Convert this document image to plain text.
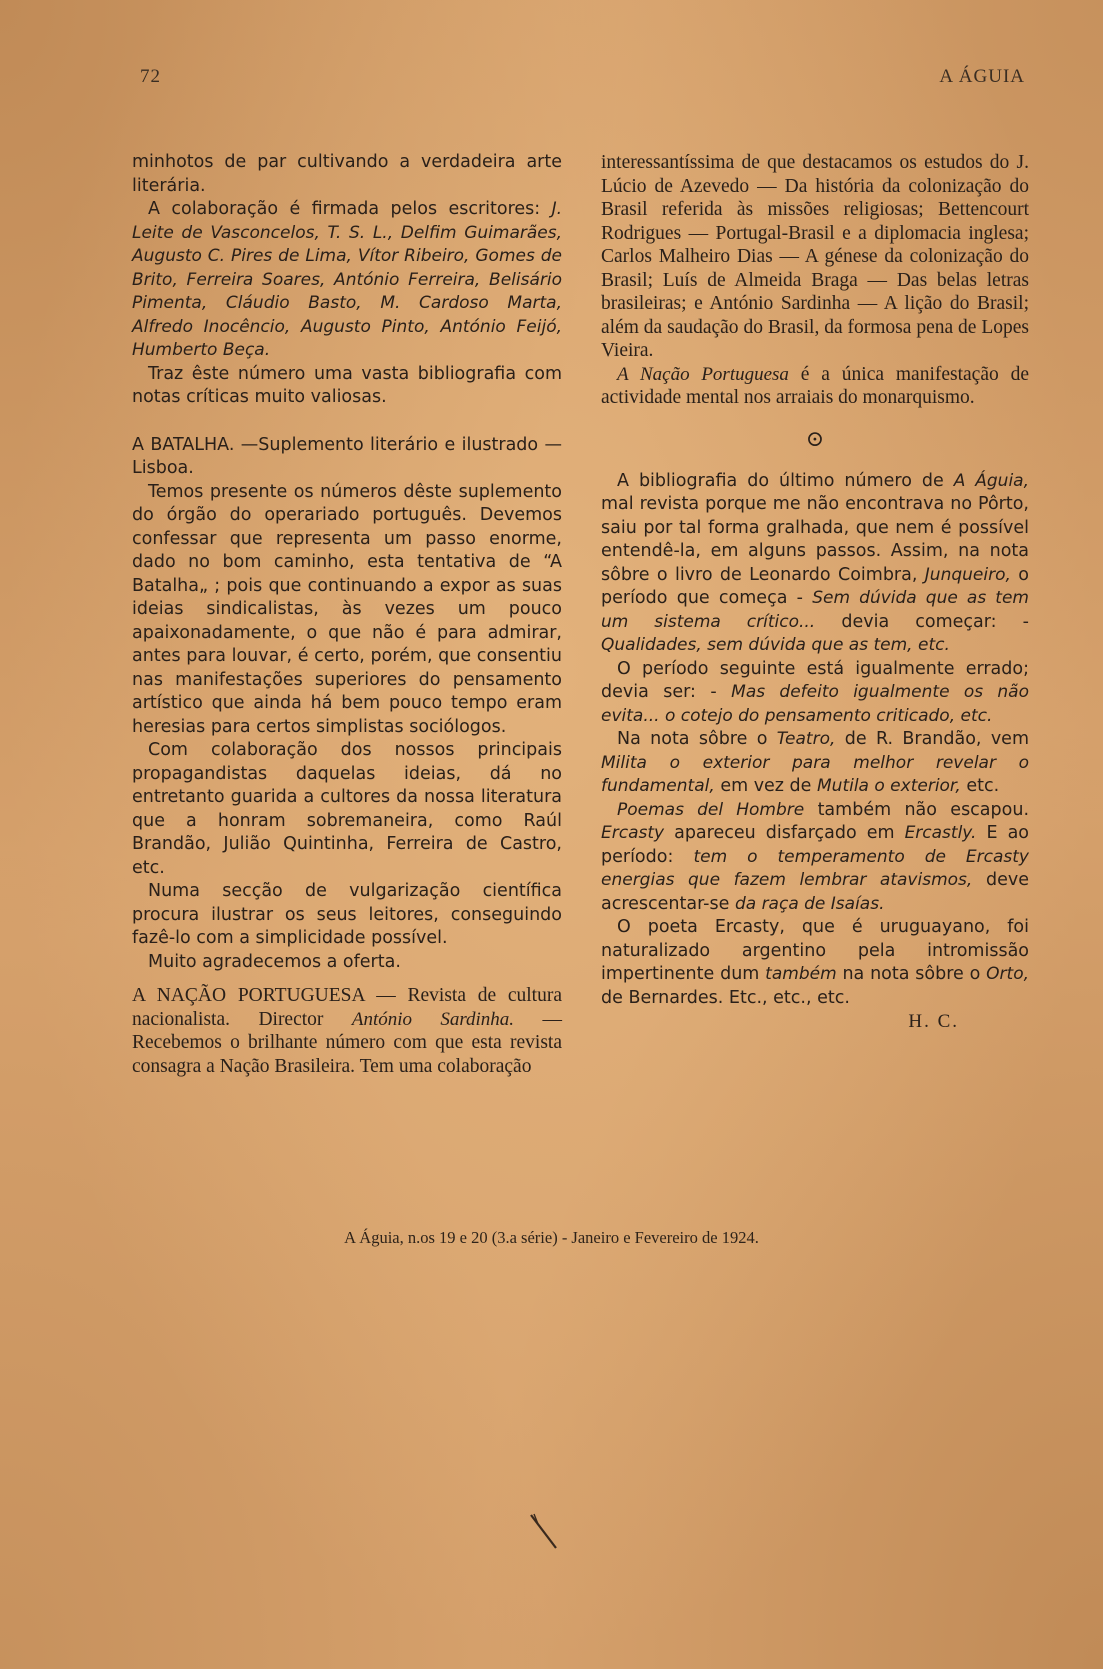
72	A ÁGUIA

minhotos de par cultivando a verdadeira arte literária.

A colaboração é firmada pelos escritores: J. Leite de Vasconcelos, T. S. L., Delfim Guimarães, Augusto C. Pires de Lima, Vítor Ribeiro, Gomes de Brito, Ferreira Soares, António Ferreira, Belisário Pimenta, Cláudio Basto, M. Cardoso Marta, Alfredo Inocêncio, Augusto Pinto, António Feijó, Humberto Beça.

Traz êste número uma vasta bibliografia com notas críticas muito valiosas.

A BATALHA. —Suplemento literário e ilustrado — Lisboa.

Temos presente os números dêste suplemento do órgão do operariado português. Devemos confessar que representa um passo enorme, dado no bom caminho, esta tentativa de “A Batalha„ ; pois que continuando a expor as suas ideias sindicalistas, às vezes um pouco apaixonadamente, o que não é para admirar, antes para louvar, é certo, porém, que consentiu nas manifestações superiores do pensamento artístico que ainda há bem pouco tempo eram heresias para certos simplistas sociólogos.

Com colaboração dos nossos principais propagandistas daquelas ideias, dá no entretanto guarida a cultores da nossa literatura que a honram sobremaneira, como Raúl Brandão, Julião Quintinha, Ferreira de Castro, etc.

Numa secção de vulgarização científica procura ilustrar os seus leitores, conseguindo fazê-lo com a simplicidade possível.

Muito agradecemos a oferta.

A NAÇÃO PORTUGUESA — Revista de cultura nacionalista. Director António Sardinha. — Recebemos o brilhante número com que esta revista consagra a Nação Brasileira. Tem uma colaboração

interessantíssima de que destacamos os estudos do J. Lúcio de Azevedo — Da história da colonização do Brasil referida às missões religiosas; Bettencourt Rodrigues — Portugal-Brasil e a diplomacia inglesa; Carlos Malheiro Dias — A génese da colonização do Brasil; Luís de Almeida Braga — Das belas letras brasileiras; e António Sardinha — A lição do Brasil; além da saudação do Brasil, da formosa pena de Lopes Vieira.

A Nação Portuguesa é a única manifestação de actividade mental nos arraiais do monarquismo.

⊙

A bibliografia do último número de A Águia, mal revista porque me não encontrava no Pôrto, saiu por tal forma gralhada, que nem é possível entendê-la, em alguns passos. Assim, na nota sôbre o livro de Leonardo Coimbra, Junqueiro, o período que começa - Sem dúvida que as tem um sistema crítico... devia começar: - Qualidades, sem dúvida que as tem, etc.

O período seguinte está igualmente errado; devia ser: - Mas defeito igualmente os não evita... o cotejo do pensamento criticado, etc.

Na nota sôbre o Teatro, de R. Brandão, vem Milita o exterior para melhor revelar o fundamental, em vez de Mutila o exterior, etc.

Poemas del Hombre também não escapou. Ercasty apareceu disfarçado em Ercastly. E ao período: tem o temperamento de Ercasty energias que fazem lembrar atavismos, deve acrescentar-se da raça de Isaías.

O poeta Ercasty, que é uruguayano, foi naturalizado argentino pela intromissão impertinente dum também na nota sôbre o Orto, de Bernardes. Etc., etc., etc.

H. C.

A Águia, n.os 19 e 20 (3.a série) - Janeiro e Fevereiro de 1924.
